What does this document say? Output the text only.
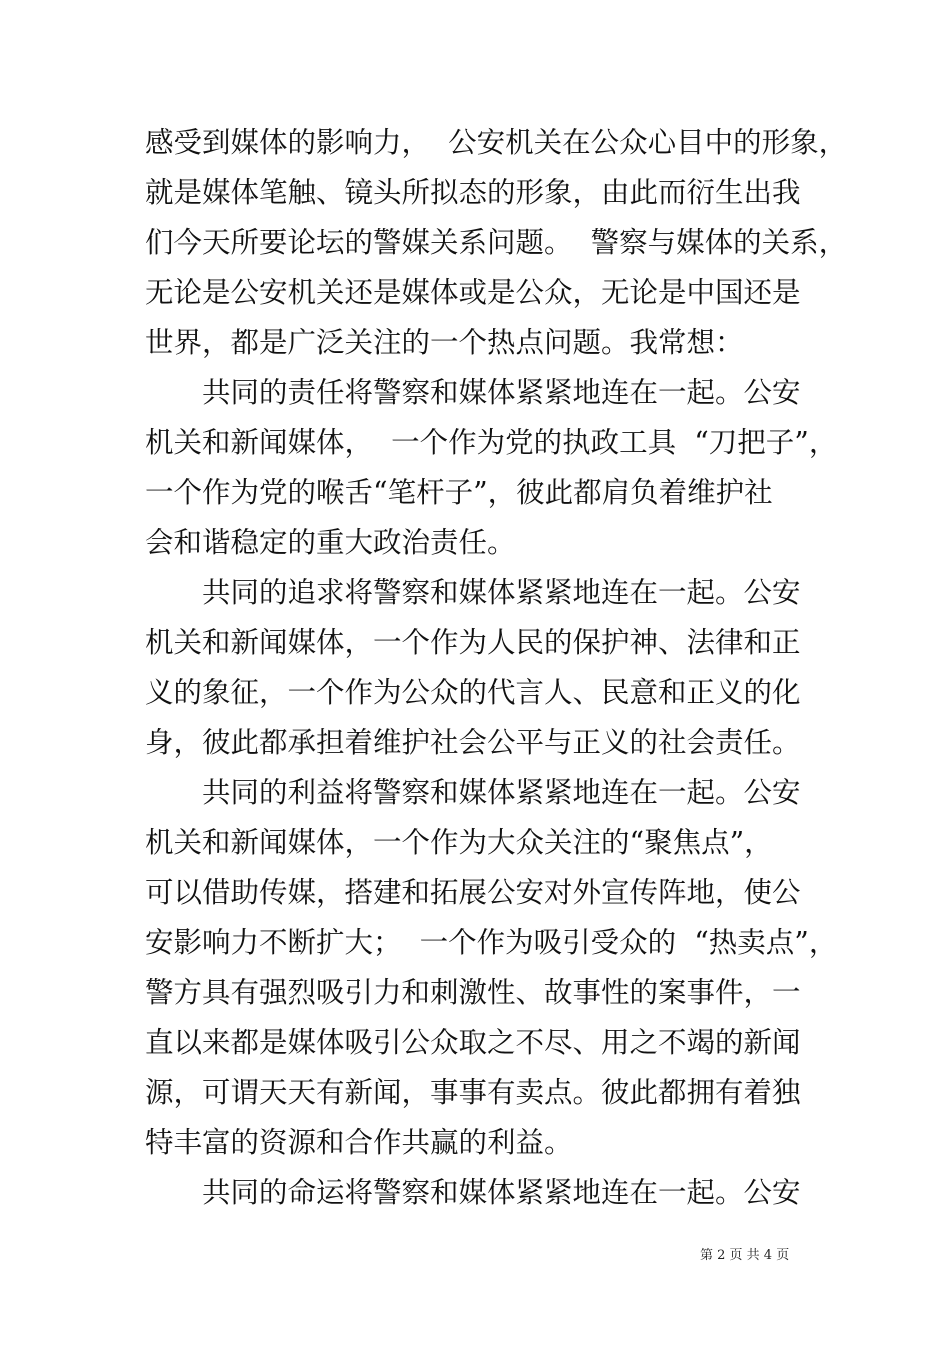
感受到媒体的影响力，  公安机关在公众心目中的形象，
就是媒体笔触、镜头所拟态的形象，由此而衍生出我
们今天所要论坛的警媒关系问题。  警察与媒体的关系，
无论是公安机关还是媒体或是公众，无论是中国还是
世界，都是广泛关注的一个热点问题。我常想：
共同的责任将警察和媒体紧紧地连在一起。公安
机关和新闻媒体，  一个作为党的执政工具  “刀把子”，
一个作为党的喉舌“笔杆子”，彼此都肩负着维护社
会和谐稳定的重大政治责任。
共同的追求将警察和媒体紧紧地连在一起。公安
机关和新闻媒体，一个作为人民的保护神、法律和正
义的象征，一个作为公众的代言人、民意和正义的化
身，彼此都承担着维护社会公平与正义的社会责任。
共同的利益将警察和媒体紧紧地连在一起。公安
机关和新闻媒体，一个作为大众关注的“聚焦点”，
可以借助传媒，搭建和拓展公安对外宣传阵地，使公
安影响力不断扩大；  一个作为吸引受众的  “热卖点”，
警方具有强烈吸引力和刺激性、故事性的案事件，一
直以来都是媒体吸引公众取之不尽、用之不竭的新闻
源，可谓天天有新闻，事事有卖点。彼此都拥有着独
特丰富的资源和合作共赢的利益。
共同的命运将警察和媒体紧紧地连在一起。公安
第 2 页 共 4 页
